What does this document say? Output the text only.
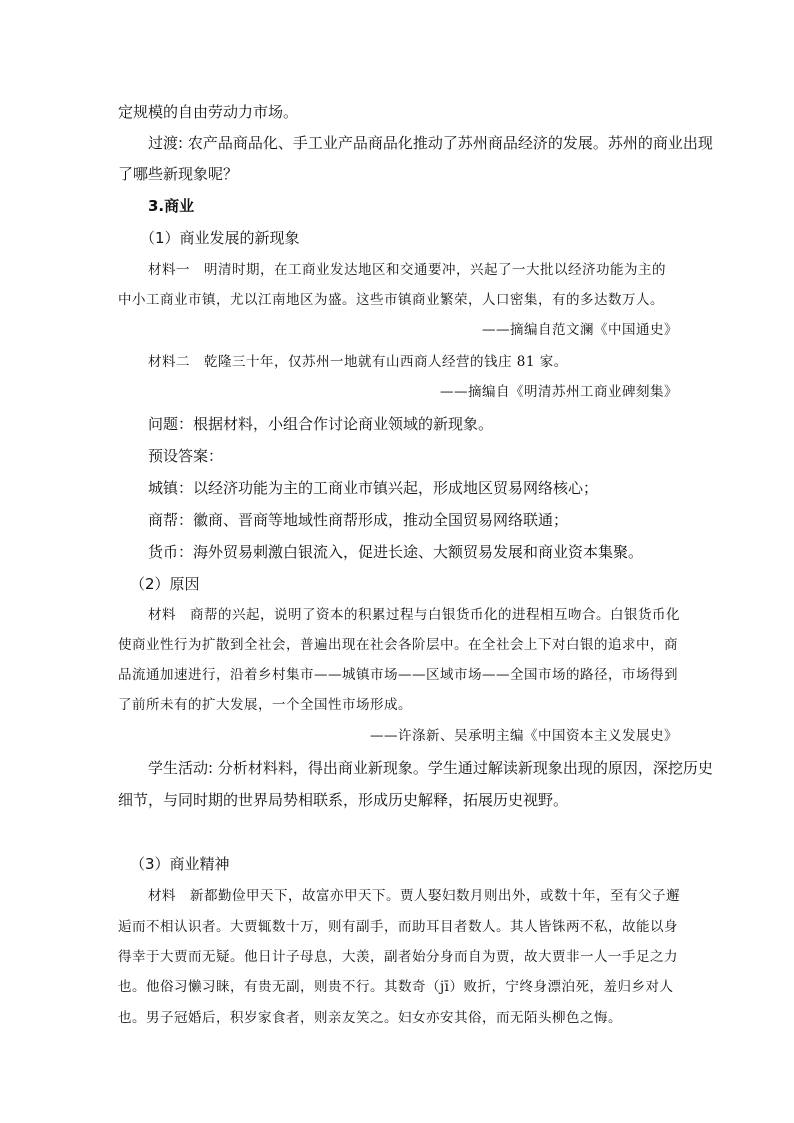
定规模的自由劳动力市场。
过渡: 农产品商品化、手工业产品商品化推动了苏州商品经济的发展。苏州的商业出现
了哪些新现象呢？
3.商业
（1）商业发展的新现象
材料一　明清时期，在工商业发达地区和交通要冲，兴起了一大批以经济功能为主的
中小工商业市镇，尤以江南地区为盛。这些市镇商业繁荣，人口密集，有的多达数万人。
——摘编自范文澜《中国通史》
材料二　乾隆三十年，仅苏州一地就有山西商人经营的钱庄 81 家。
——摘编自《明清苏州工商业碑刻集》
问题：根据材料，小组合作讨论商业领域的新现象。
预设答案：
城镇：以经济功能为主的工商业市镇兴起，形成地区贸易网络核心；
商帮：徽商、晋商等地域性商帮形成，推动全国贸易网络联通；
货币：海外贸易刺激白银流入，促进长途、大额贸易发展和商业资本集聚。
（2）原因
材料　商帮的兴起，说明了资本的积累过程与白银货币化的进程相互吻合。白银货币化
使商业性行为扩散到全社会，普遍出现在社会各阶层中。在全社会上下对白银的追求中，商
品流通加速进行，沿着乡村集市——城镇市场——区域市场——全国市场的路径，市场得到
了前所未有的扩大发展，一个全国性市场形成。
——许涤新、吴承明主编《中国资本主义发展史》
学生活动: 分析材料料，得出商业新现象。学生通过解读新现象出现的原因，深挖历史
细节，与同时期的世界局势相联系，形成历史解释，拓展历史视野。
（3）商业精神
材料　新都勤俭甲天下，故富亦甲天下。贾人娶妇数月则出外，或数十年，至有父子邂
逅而不相认识者。大贾辄数十万，则有副手，而助耳目者数人。其人皆铢两不私，故能以身
得幸于大贾而无疑。他日计子母息，大羡，副者始分身而自为贾，故大贾非一人一手足之力
也。他俗习懒习睐，有贵无副，则贵不行。其数奇（jī）败折，宁终身漂泊死，羞归乡对人
也。男子冠婚后，积岁家食者，则亲友笑之。妇女亦安其俗，而无陌头柳色之悔。
